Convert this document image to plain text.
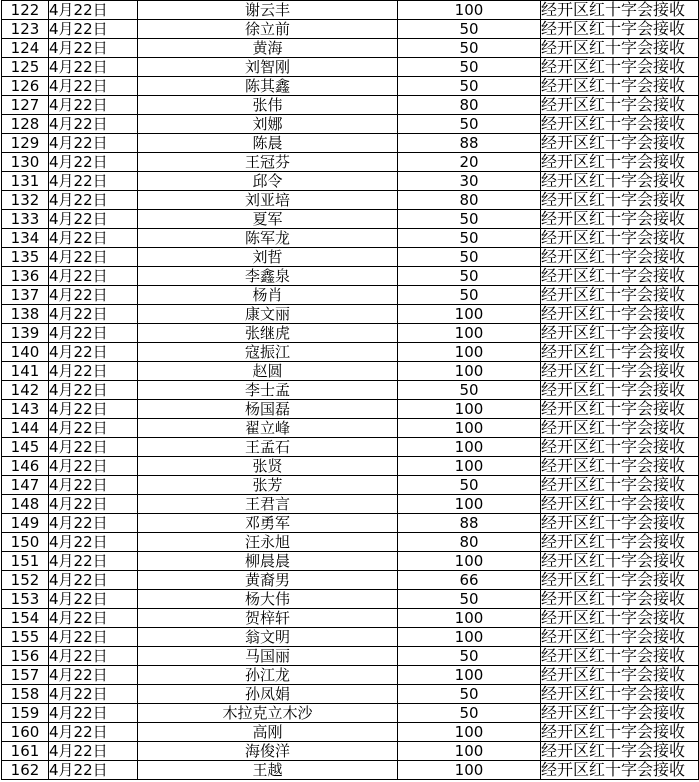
122	4月22日	谢云丰	100	经开区红十字会接收
123	4月22日	徐立前	50	经开区红十字会接收
124	4月22日	黄海	50	经开区红十字会接收
125	4月22日	刘智刚	50	经开区红十字会接收
126	4月22日	陈其鑫	50	经开区红十字会接收
127	4月22日	张伟	80	经开区红十字会接收
128	4月22日	刘娜	50	经开区红十字会接收
129	4月22日	陈晨	88	经开区红十字会接收
130	4月22日	王冠芬	20	经开区红十字会接收
131	4月22日	邱令	30	经开区红十字会接收
132	4月22日	刘亚培	80	经开区红十字会接收
133	4月22日	夏军	50	经开区红十字会接收
134	4月22日	陈军龙	50	经开区红十字会接收
135	4月22日	刘哲	50	经开区红十字会接收
136	4月22日	李鑫泉	50	经开区红十字会接收
137	4月22日	杨肖	50	经开区红十字会接收
138	4月22日	康文丽	100	经开区红十字会接收
139	4月22日	张继虎	100	经开区红十字会接收
140	4月22日	寇振江	100	经开区红十字会接收
141	4月22日	赵圆	100	经开区红十字会接收
142	4月22日	李士孟	50	经开区红十字会接收
143	4月22日	杨国磊	100	经开区红十字会接收
144	4月22日	翟立峰	100	经开区红十字会接收
145	4月22日	王孟石	100	经开区红十字会接收
146	4月22日	张贤	100	经开区红十字会接收
147	4月22日	张芳	50	经开区红十字会接收
148	4月22日	王君言	100	经开区红十字会接收
149	4月22日	邓勇军	88	经开区红十字会接收
150	4月22日	汪永旭	80	经开区红十字会接收
151	4月22日	柳晨晨	100	经开区红十字会接收
152	4月22日	黄裔男	66	经开区红十字会接收
153	4月22日	杨大伟	50	经开区红十字会接收
154	4月22日	贺梓轩	100	经开区红十字会接收
155	4月22日	翁文明	100	经开区红十字会接收
156	4月22日	马国丽	50	经开区红十字会接收
157	4月22日	孙江龙	100	经开区红十字会接收
158	4月22日	孙凤娟	50	经开区红十字会接收
159	4月22日	木拉克立木沙	50	经开区红十字会接收
160	4月22日	高刚	100	经开区红十字会接收
161	4月22日	海俊洋	100	经开区红十字会接收
162	4月22日	王越	100	经开区红十字会接收
